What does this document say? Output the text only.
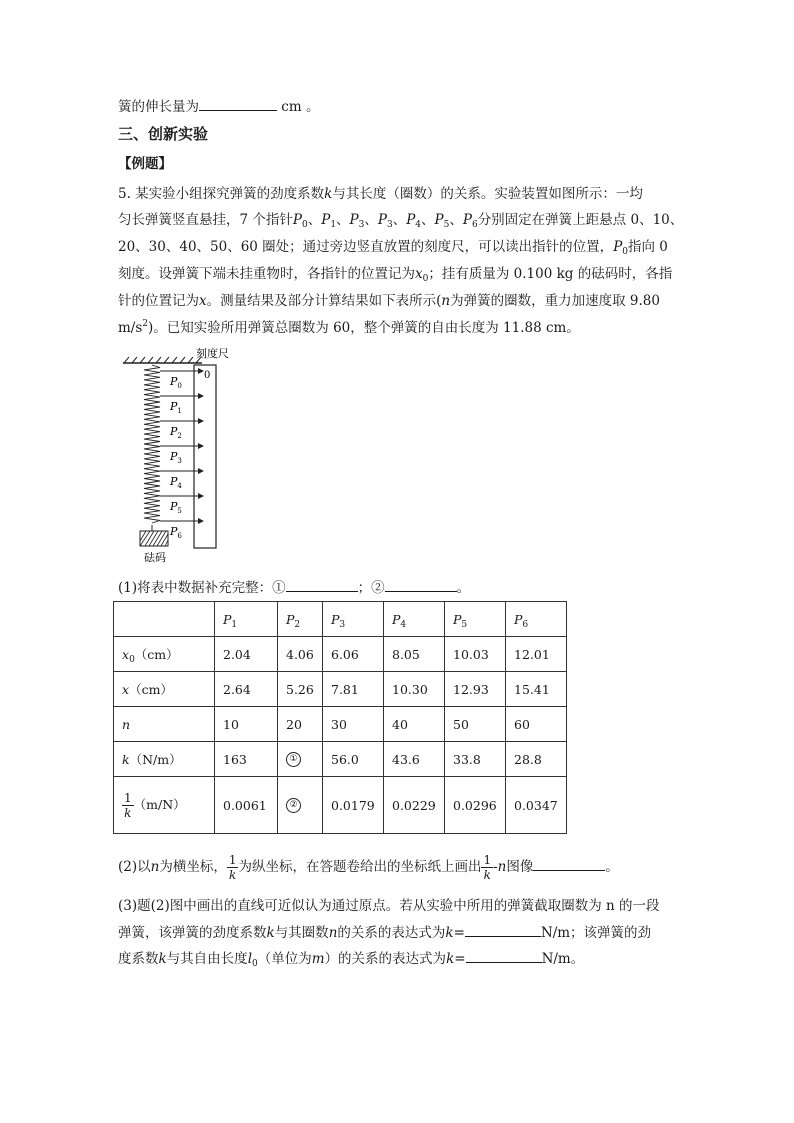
簧的伸长量为	cm 。
三、创新实验
【例题】
5. 某实验小组探究弹簧的劲度系数k与其长度（圈数）的关系。实验装置如图所示：一均
匀长弹簧竖直悬挂，7 个指针$P_0$、$P_1$、$P_3$、$P_3$、$P_4$、$P_5$、$P_6$分别固定在弹簧上距悬点 0、10、
20、30、40、50、60 圈处；通过旁边竖直放置的刻度尺，可以读出指针的位置，$P_0$指向 0
刻度。设弹簧下端未挂重物时，各指针的位置记为$x_0$；挂有质量为 0.100 kg 的砝码时，各指
针的位置记为x。测量结果及部分计算结果如下表所示(n为弹簧的圈数，重力加速度取 9.80
$m/s^2$)。已知实验所用弹簧总圈数为 60，整个弹簧的自由长度为 11.88 cm。
刻度尺
0
$P_0$
$P_1$
$P_2$
$P_3$
$P_4$
$P_5$
$P_6$
砝码
(1)将表中数据补充完整：①	；②	。
	$P_1$	$P_2$	$P_3$	$P_4$	$P_5$	$P_6$
$x_0(cm)$	2.04	4.06	6.06	8.05	10.03	12.01
x（cm）	2.64	5.26	7.81	10.30	12.93	15.41
n	10	20	30	40	50	60
k（N/m）	163	①	56.0	43.6	33.8	28.8

$\frac{1}{k} (m/N)$	0.0061	②	0.0179	0.0229	0.0296	0.0347
(2)以n为横坐标， $\frac{1}{k}$ 为纵坐标，在答题卷给出的坐标纸上画出 $\frac{1}{k} -n$图像	。
(3)题(2)图中画出的直线可近似认为通过原点。若从实验中所用的弹簧截取圈数为 n 的一段
弹簧，该弹簧的劲度系数k与其圈数n的关系的表达式为k=	N/m；该弹簧的劲
度系数k与其自由长度$l_0$（单位为m）的关系的表达式为k=	N/m。
